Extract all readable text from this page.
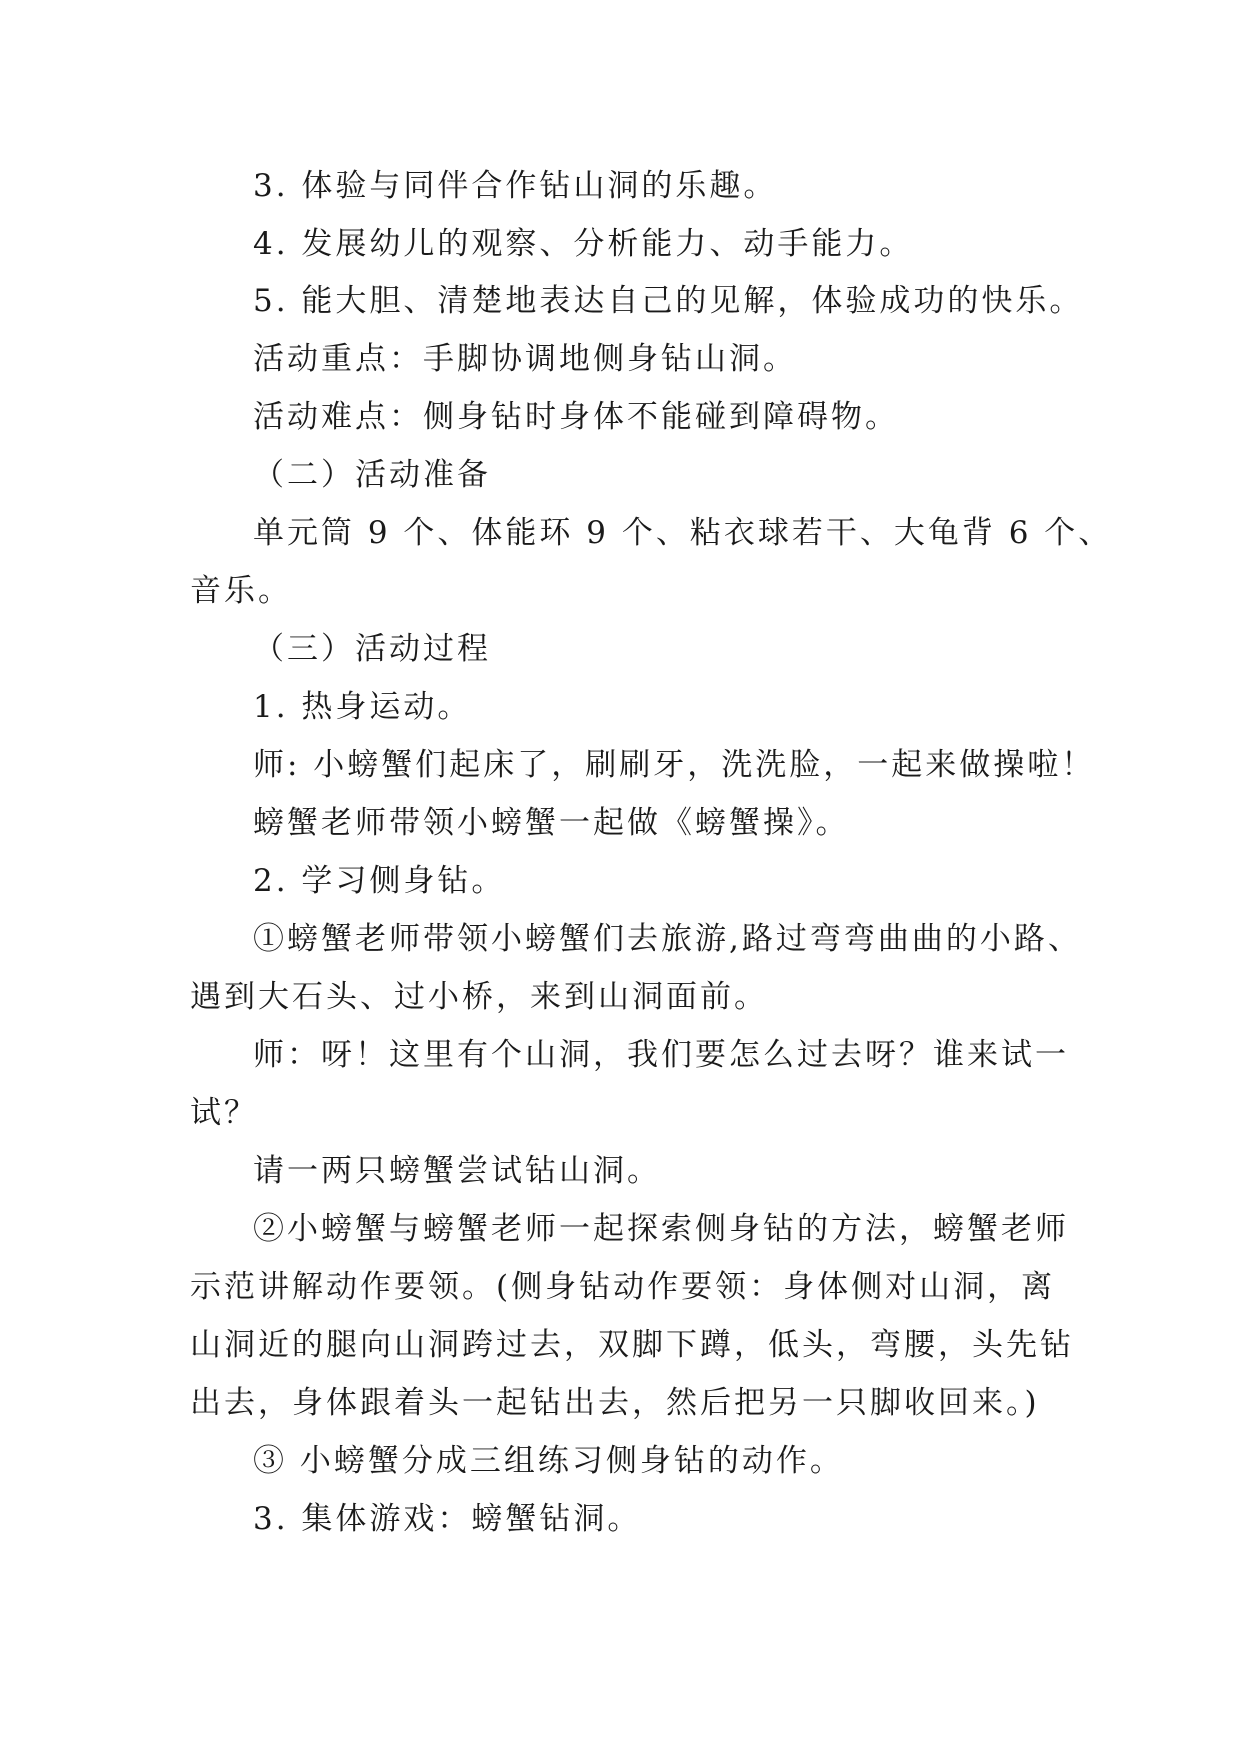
3. 体验与同伴合作钻山洞的乐趣。
4. 发展幼儿的观察、分析能力、动手能力。
5. 能大胆、清楚地表达自己的见解，体验成功的快乐。
活动重点：手脚协调地侧身钻山洞。
活动难点：侧身钻时身体不能碰到障碍物。
（二）活动准备
单元筒 9 个、体能环 9 个、粘衣球若干、大龟背 6 个、
音乐。
（三）活动过程
1. 热身运动。
师: 小螃蟹们起床了，刷刷牙，洗洗脸，一起来做操啦！
螃蟹老师带领小螃蟹一起做《螃蟹操》。
2. 学习侧身钻。
①螃蟹老师带领小螃蟹们去旅游,路过弯弯曲曲的小路、
遇到大石头、过小桥，来到山洞面前。
师：呀！这里有个山洞，我们要怎么过去呀？谁来试一
试？
请一两只螃蟹尝试钻山洞。
②小螃蟹与螃蟹老师一起探索侧身钻的方法，螃蟹老师
示范讲解动作要领。(侧身钻动作要领：身体侧对山洞，离
山洞近的腿向山洞跨过去，双脚下蹲，低头，弯腰，头先钻
出去，身体跟着头一起钻出去，然后把另一只脚收回来。)
③ 小螃蟹分成三组练习侧身钻的动作。
3. 集体游戏：螃蟹钻洞。
